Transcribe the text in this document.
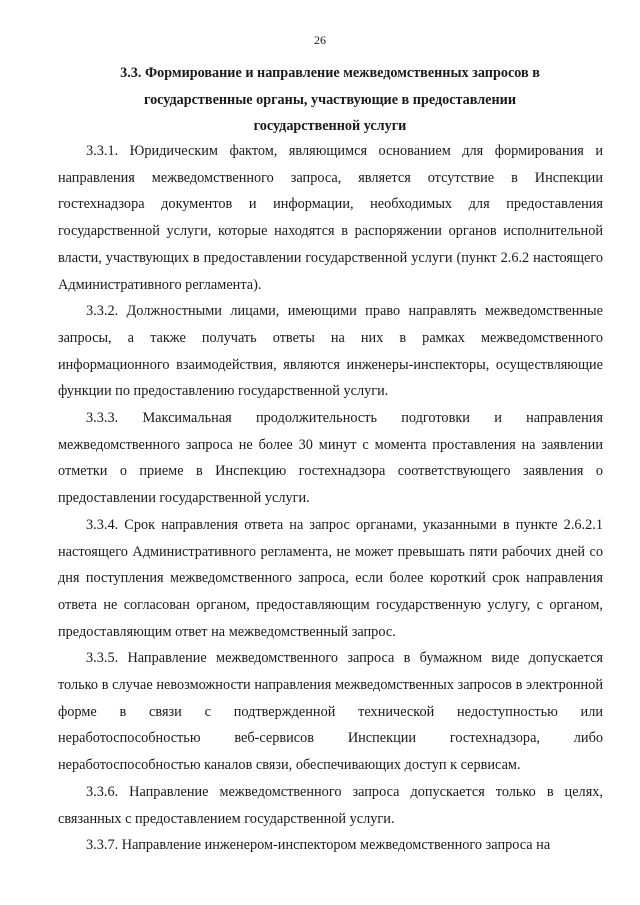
26
3.3. Формирование и направление межведомственных запросов в государственные органы, участвующие в предоставлении государственной услуги

3.3.1. Юридическим фактом, являющимся основанием для формирования и направления межведомственного запроса, является отсутствие в Инспекции гостехнадзора документов и информации, необходимых для предоставления государственной услуги, которые находятся в распоряжении органов исполнительной власти, участвующих в предоставлении государственной услуги (пункт 2.6.2 настоящего Административного регламента).

3.3.2. Должностными лицами, имеющими право направлять межведомственные запросы, а также получать ответы на них в рамках межведомственного информационного взаимодействия, являются инженеры-инспекторы, осуществляющие функции по предоставлению государственной услуги.

3.3.3. Максимальная продолжительность подготовки и направления межведомственного запроса не более 30 минут с момента проставления на заявлении отметки о приеме в Инспекцию гостехнадзора соответствующего заявления о предоставлении государственной услуги.

3.3.4. Срок направления ответа на запрос органами, указанными в пункте 2.6.2.1 настоящего Административного регламента, не может превышать пяти рабочих дней со дня поступления межведомственного запроса, если более короткий срок направления ответа не согласован органом, предоставляющим государственную услугу, с органом, предоставляющим ответ на межведомственный запрос.

3.3.5. Направление межведомственного запроса в бумажном виде допускается только в случае невозможности направления межведомственных запросов в электронной форме в связи с подтвержденной технической недоступностью или неработоспособностью веб-сервисов Инспекции гостехнадзора, либо неработоспособностью каналов связи, обеспечивающих доступ к сервисам.

3.3.6. Направление межведомственного запроса допускается только в целях, связанных с предоставлением государственной услуги.

3.3.7. Направление инженером-инспектором межведомственного запроса на
